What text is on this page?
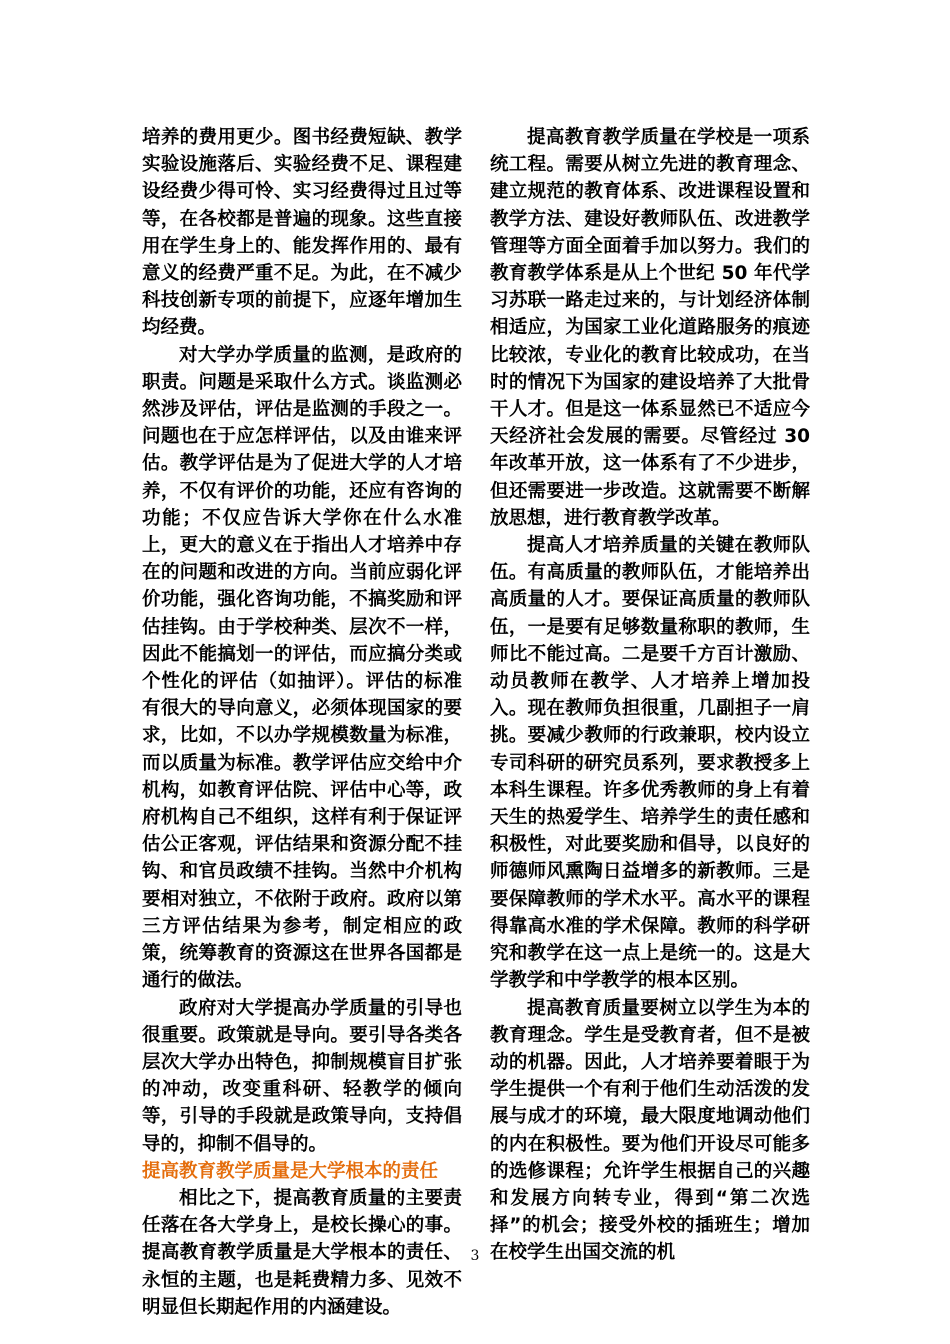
培养的费用更少。图书经费短缺、教学实验设施落后、实验经费不足、课程建设经费少得可怜、实习经费得过且过等等，在各校都是普遍的现象。这些直接用在学生身上的、能发挥作用的、最有意义的经费严重不足。为此，在不减少科技创新专项的前提下，应逐年增加生均经费。

对大学办学质量的监测，是政府的职责。问题是采取什么方式。谈监测必然涉及评估，评估是监测的手段之一。问题也在于应怎样评估，以及由谁来评估。教学评估是为了促进大学的人才培养，不仅有评价的功能，还应有咨询的功能；不仅应告诉大学你在什么水准上，更大的意义在于指出人才培养中存在的问题和改进的方向。当前应弱化评价功能，强化咨询功能，不搞奖励和评估挂钩。由于学校种类、层次不一样，因此不能搞划一的评估，而应搞分类或个性化的评估（如抽评）。评估的标准有很大的导向意义，必须体现国家的要求，比如，不以办学规模数量为标准，而以质量为标准。教学评估应交给中介机构，如教育评估院、评估中心等，政府机构自己不组织，这样有利于保证评估公正客观，评估结果和资源分配不挂钩、和官员政绩不挂钩。当然中介机构要相对独立，不依附于政府。政府以第三方评估结果为参考，制定相应的政策，统筹教育的资源这在世界各国都是通行的做法。

政府对大学提高办学质量的引导也很重要。政策就是导向。要引导各类各层次大学办出特色，抑制规模盲目扩张的冲动，改变重科研、轻教学的倾向等，引导的手段就是政策导向，支持倡导的，抑制不倡导的。

提高教育教学质量是大学根本的责任

相比之下，提高教育质量的主要责任落在各大学身上，是校长操心的事。提高教育教学质量是大学根本的责任、永恒的主题，也是耗费精力多、见效不明显但长期起作用的内涵建设。

提高教育教学质量在学校是一项系统工程。需要从树立先进的教育理念、建立规范的教育体系、改进课程设置和教学方法、建设好教师队伍、改进教学管理等方面全面着手加以努力。我们的教育教学体系是从上个世纪 50 年代学习苏联一路走过来的，与计划经济体制相适应，为国家工业化道路服务的痕迹比较浓，专业化的教育比较成功，在当时的情况下为国家的建设培养了大批骨干人才。但是这一体系显然已不适应今天经济社会发展的需要。尽管经过 30 年改革开放，这一体系有了不少进步，但还需要进一步改造。这就需要不断解放思想，进行教育教学改革。

提高人才培养质量的关键在教师队伍。有高质量的教师队伍，才能培养出高质量的人才。要保证高质量的教师队伍，一是要有足够数量称职的教师，生师比不能过高。二是要千方百计激励、动员教师在教学、人才培养上增加投入。现在教师负担很重，几副担子一肩挑。要减少教师的行政兼职，校内设立专司科研的研究员系列，要求教授多上本科生课程。许多优秀教师的身上有着天生的热爱学生、培养学生的责任感和积极性，对此要奖励和倡导，以良好的师德师风熏陶日益增多的新教师。三是要保障教师的学术水平。高水平的课程得靠高水准的学术保障。教师的科学研究和教学在这一点上是统一的。这是大学教学和中学教学的根本区别。

提高教育质量要树立以学生为本的教育理念。学生是受教育者，但不是被动的机器。因此，人才培养要着眼于为学生提供一个有利于他们生动活泼的发展与成才的环境，最大限度地调动他们的内在积极性。要为他们开设尽可能多的选修课程；允许学生根据自己的兴趣和发展方向转专业，得到“第二次选择”的机会；接受外校的插班生；增加在校学生出国交流的机

3
